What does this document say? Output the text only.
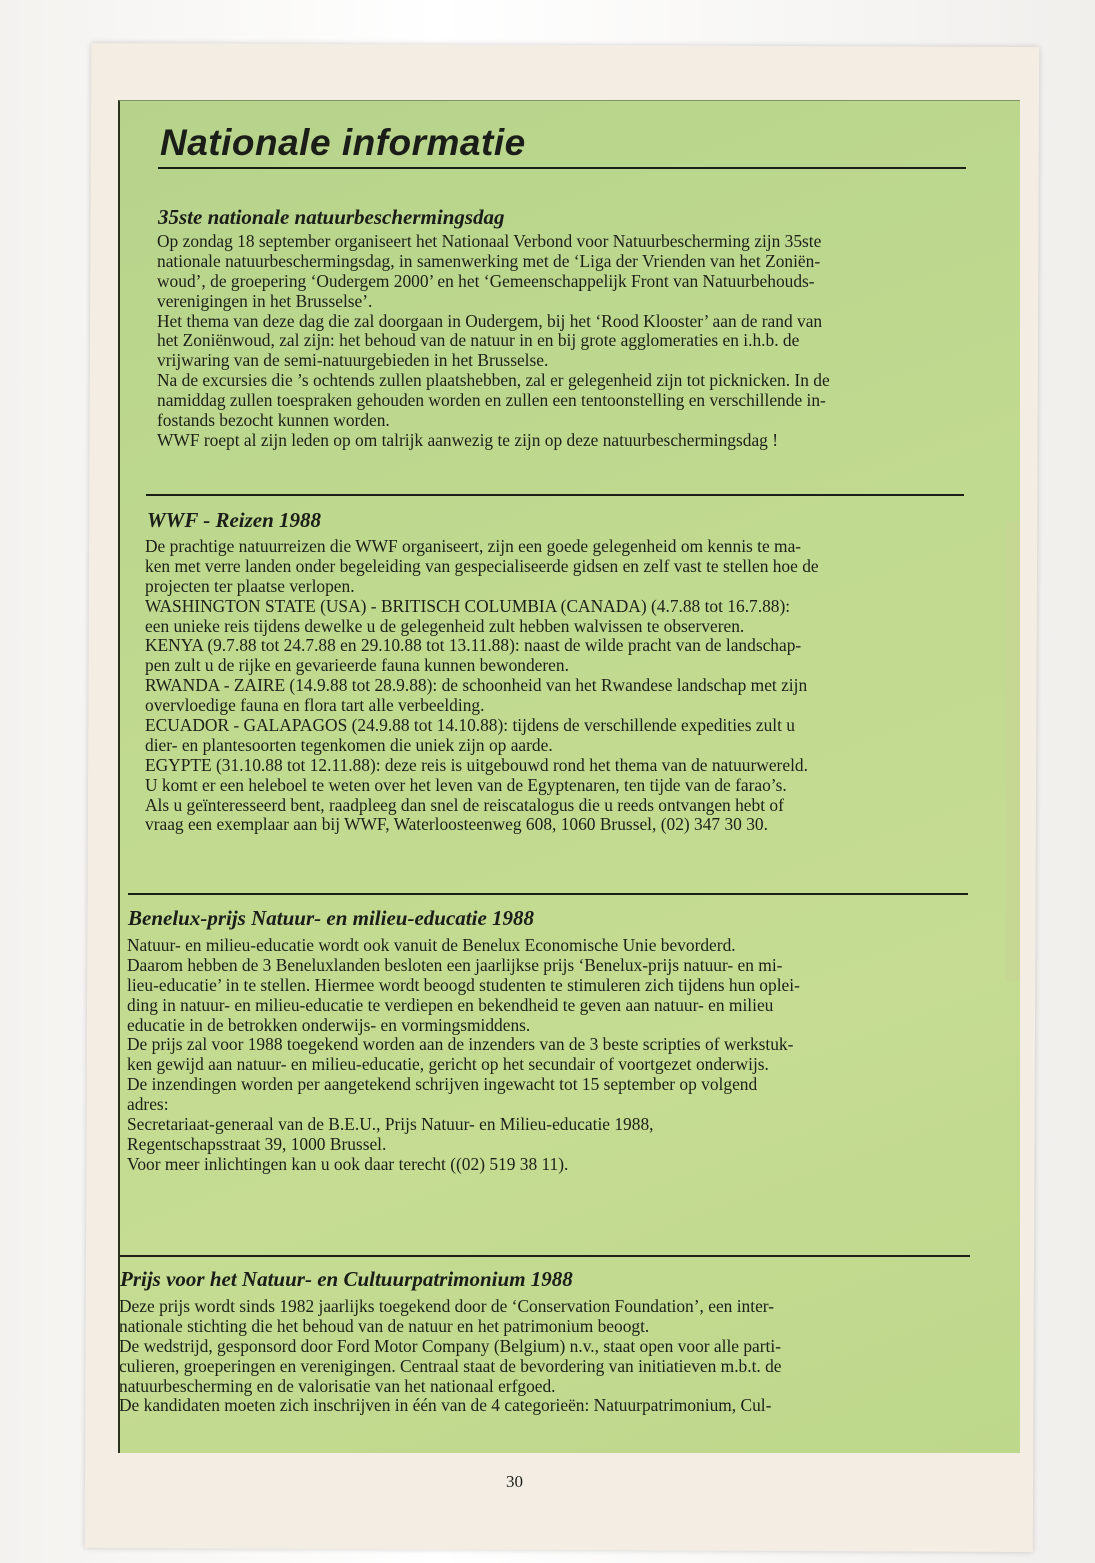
Nationale informatie
35ste nationale natuurbeschermingsdag
Op zondag 18 september organiseert het Nationaal Verbond voor Natuurbescherming zijn 35ste
nationale natuurbeschermingsdag, in samenwerking met de ‘Liga der Vrienden van het Zoniën-
woud’, de groepering ‘Oudergem 2000’ en het ‘Gemeenschappelijk Front van Natuurbehouds-
verenigingen in het Brusselse’.
Het thema van deze dag die zal doorgaan in Oudergem, bij het ‘Rood Klooster’ aan de rand van
het Zoniënwoud, zal zijn: het behoud van de natuur in en bij grote agglomeraties en i.h.b. de
vrijwaring van de semi-natuurgebieden in het Brusselse.
Na de excursies die ’s ochtends zullen plaatshebben, zal er gelegenheid zijn tot picknicken. In de
namiddag zullen toespraken gehouden worden en zullen een tentoonstelling en verschillende in-
fostands bezocht kunnen worden.
WWF roept al zijn leden op om talrijk aanwezig te zijn op deze natuurbeschermingsdag !
WWF - Reizen 1988
De prachtige natuurreizen die WWF organiseert, zijn een goede gelegenheid om kennis te ma-
ken met verre landen onder begeleiding van gespecialiseerde gidsen en zelf vast te stellen hoe de
projecten ter plaatse verlopen.
WASHINGTON STATE (USA) - BRITISCH COLUMBIA (CANADA) (4.7.88 tot 16.7.88):
een unieke reis tijdens dewelke u de gelegenheid zult hebben walvissen te observeren.
KENYA (9.7.88 tot 24.7.88 en 29.10.88 tot 13.11.88): naast de wilde pracht van de landschap-
pen zult u de rijke en gevarieerde fauna kunnen bewonderen.
RWANDA - ZAIRE (14.9.88 tot 28.9.88): de schoonheid van het Rwandese landschap met zijn
overvloedige fauna en flora tart alle verbeelding.
ECUADOR - GALAPAGOS (24.9.88 tot 14.10.88): tijdens de verschillende expedities zult u
dier- en plantesoorten tegenkomen die uniek zijn op aarde.
EGYPTE (31.10.88 tot 12.11.88): deze reis is uitgebouwd rond het thema van de natuurwereld.
U komt er een heleboel te weten over het leven van de Egyptenaren, ten tijde van de farao’s.
Als u geïnteresseerd bent, raadpleeg dan snel de reiscatalogus die u reeds ontvangen hebt of
vraag een exemplaar aan bij WWF, Waterloosteenweg 608, 1060 Brussel, (02) 347 30 30.
Benelux-prijs Natuur- en milieu-educatie 1988
Natuur- en milieu-educatie wordt ook vanuit de Benelux Economische Unie bevorderd.
Daarom hebben de 3 Beneluxlanden besloten een jaarlijkse prijs ‘Benelux-prijs natuur- en mi-
lieu-educatie’ in te stellen. Hiermee wordt beoogd studenten te stimuleren zich tijdens hun oplei-
ding in natuur- en milieu-educatie te verdiepen en bekendheid te geven aan natuur- en milieu
educatie in de betrokken onderwijs- en vormingsmiddens.
De prijs zal voor 1988 toegekend worden aan de inzenders van de 3 beste scripties of werkstuk-
ken gewijd aan natuur- en milieu-educatie, gericht op het secundair of voortgezet onderwijs.
De inzendingen worden per aangetekend schrijven ingewacht tot 15 september op volgend
adres:
Secretariaat-generaal van de B.E.U., Prijs Natuur- en Milieu-educatie 1988,
Regentschapsstraat 39, 1000 Brussel.
Voor meer inlichtingen kan u ook daar terecht ((02) 519 38 11).
Prijs voor het Natuur- en Cultuurpatrimonium 1988
Deze prijs wordt sinds 1982 jaarlijks toegekend door de ‘Conservation Foundation’, een inter-
nationale stichting die het behoud van de natuur en het patrimonium beoogt.
De wedstrijd, gesponsord door Ford Motor Company (Belgium) n.v., staat open voor alle parti-
culieren, groeperingen en verenigingen. Centraal staat de bevordering van initiatieven m.b.t. de
natuurbescherming en de valorisatie van het nationaal erfgoed.
De kandidaten moeten zich inschrijven in één van de 4 categorieën: Natuurpatrimonium, Cul-
30
